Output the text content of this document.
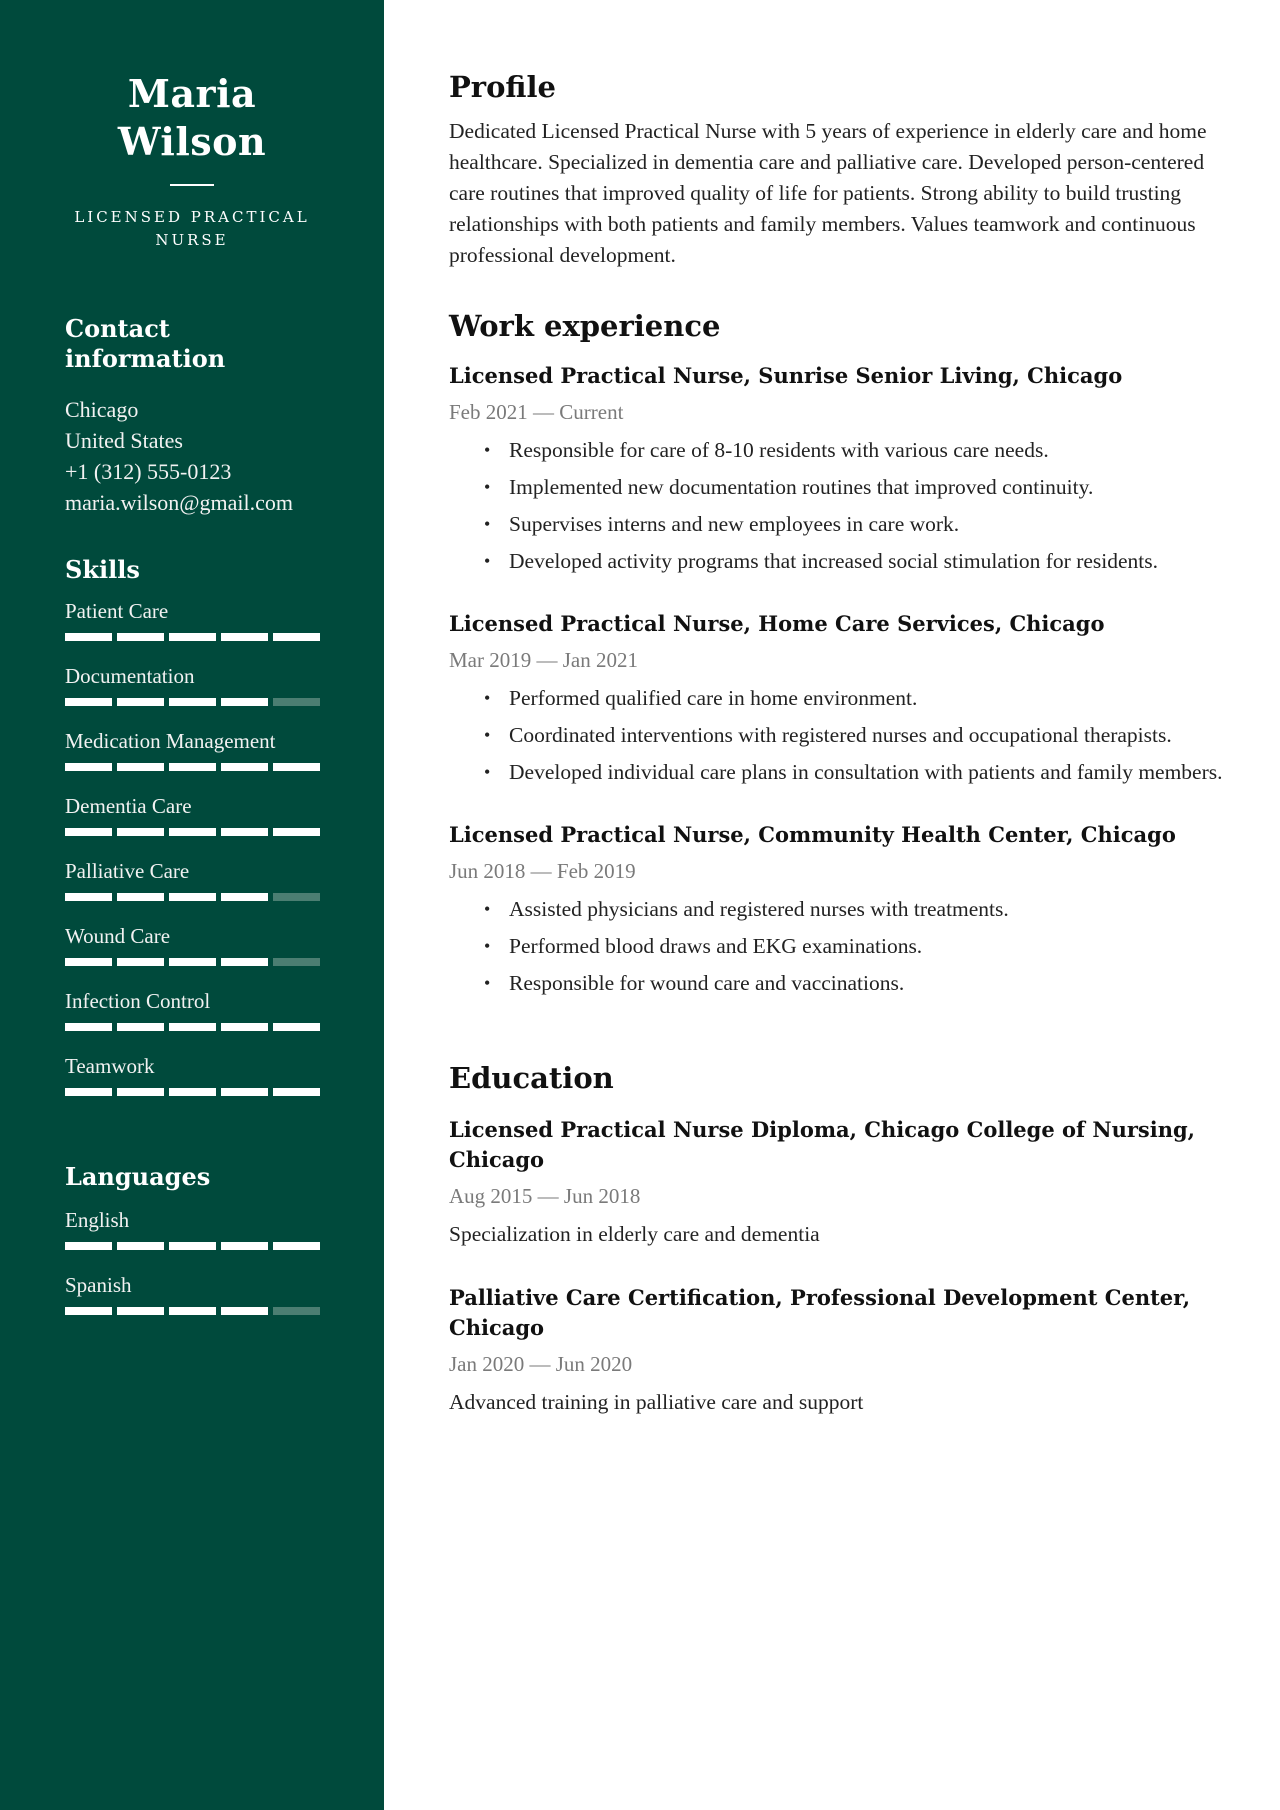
Maria Wilson
LICENSED PRACTICAL NURSE
Contact information
Chicago
United States
+1 (312) 555-0123
maria.wilson@gmail.com
Skills
Patient Care
Documentation
Medication Management
Dementia Care
Palliative Care
Wound Care
Infection Control
Teamwork
Languages
English
Spanish
Profile

Dedicated Licensed Practical Nurse with 5 years of experience in elderly care and home healthcare. Specialized in dementia care and palliative care. Developed person-centered care routines that improved quality of life for patients. Strong ability to build trusting relationships with both patients and family members. Values teamwork and continuous professional development.

Work experience
Licensed Practical Nurse, Sunrise Senior Living, Chicago
Feb 2021 — Current
• Responsible for care of 8-10 residents with various care needs.
• Implemented new documentation routines that improved continuity.
• Supervises interns and new employees in care work.
• Developed activity programs that increased social stimulation for residents.
Licensed Practical Nurse, Home Care Services, Chicago
Mar 2019 — Jan 2021
• Performed qualified care in home environment.
• Coordinated interventions with registered nurses and occupational therapists.
• Developed individual care plans in consultation with patients and family members.
Licensed Practical Nurse, Community Health Center, Chicago
Jun 2018 — Feb 2019
• Assisted physicians and registered nurses with treatments.
• Performed blood draws and EKG examinations.
• Responsible for wound care and vaccinations.
Education
Licensed Practical Nurse Diploma, Chicago College of Nursing, Chicago
Aug 2015 — Jun 2018
Specialization in elderly care and dementia
Palliative Care Certification, Professional Development Center, Chicago
Jan 2020 — Jun 2020
Advanced training in palliative care and support
